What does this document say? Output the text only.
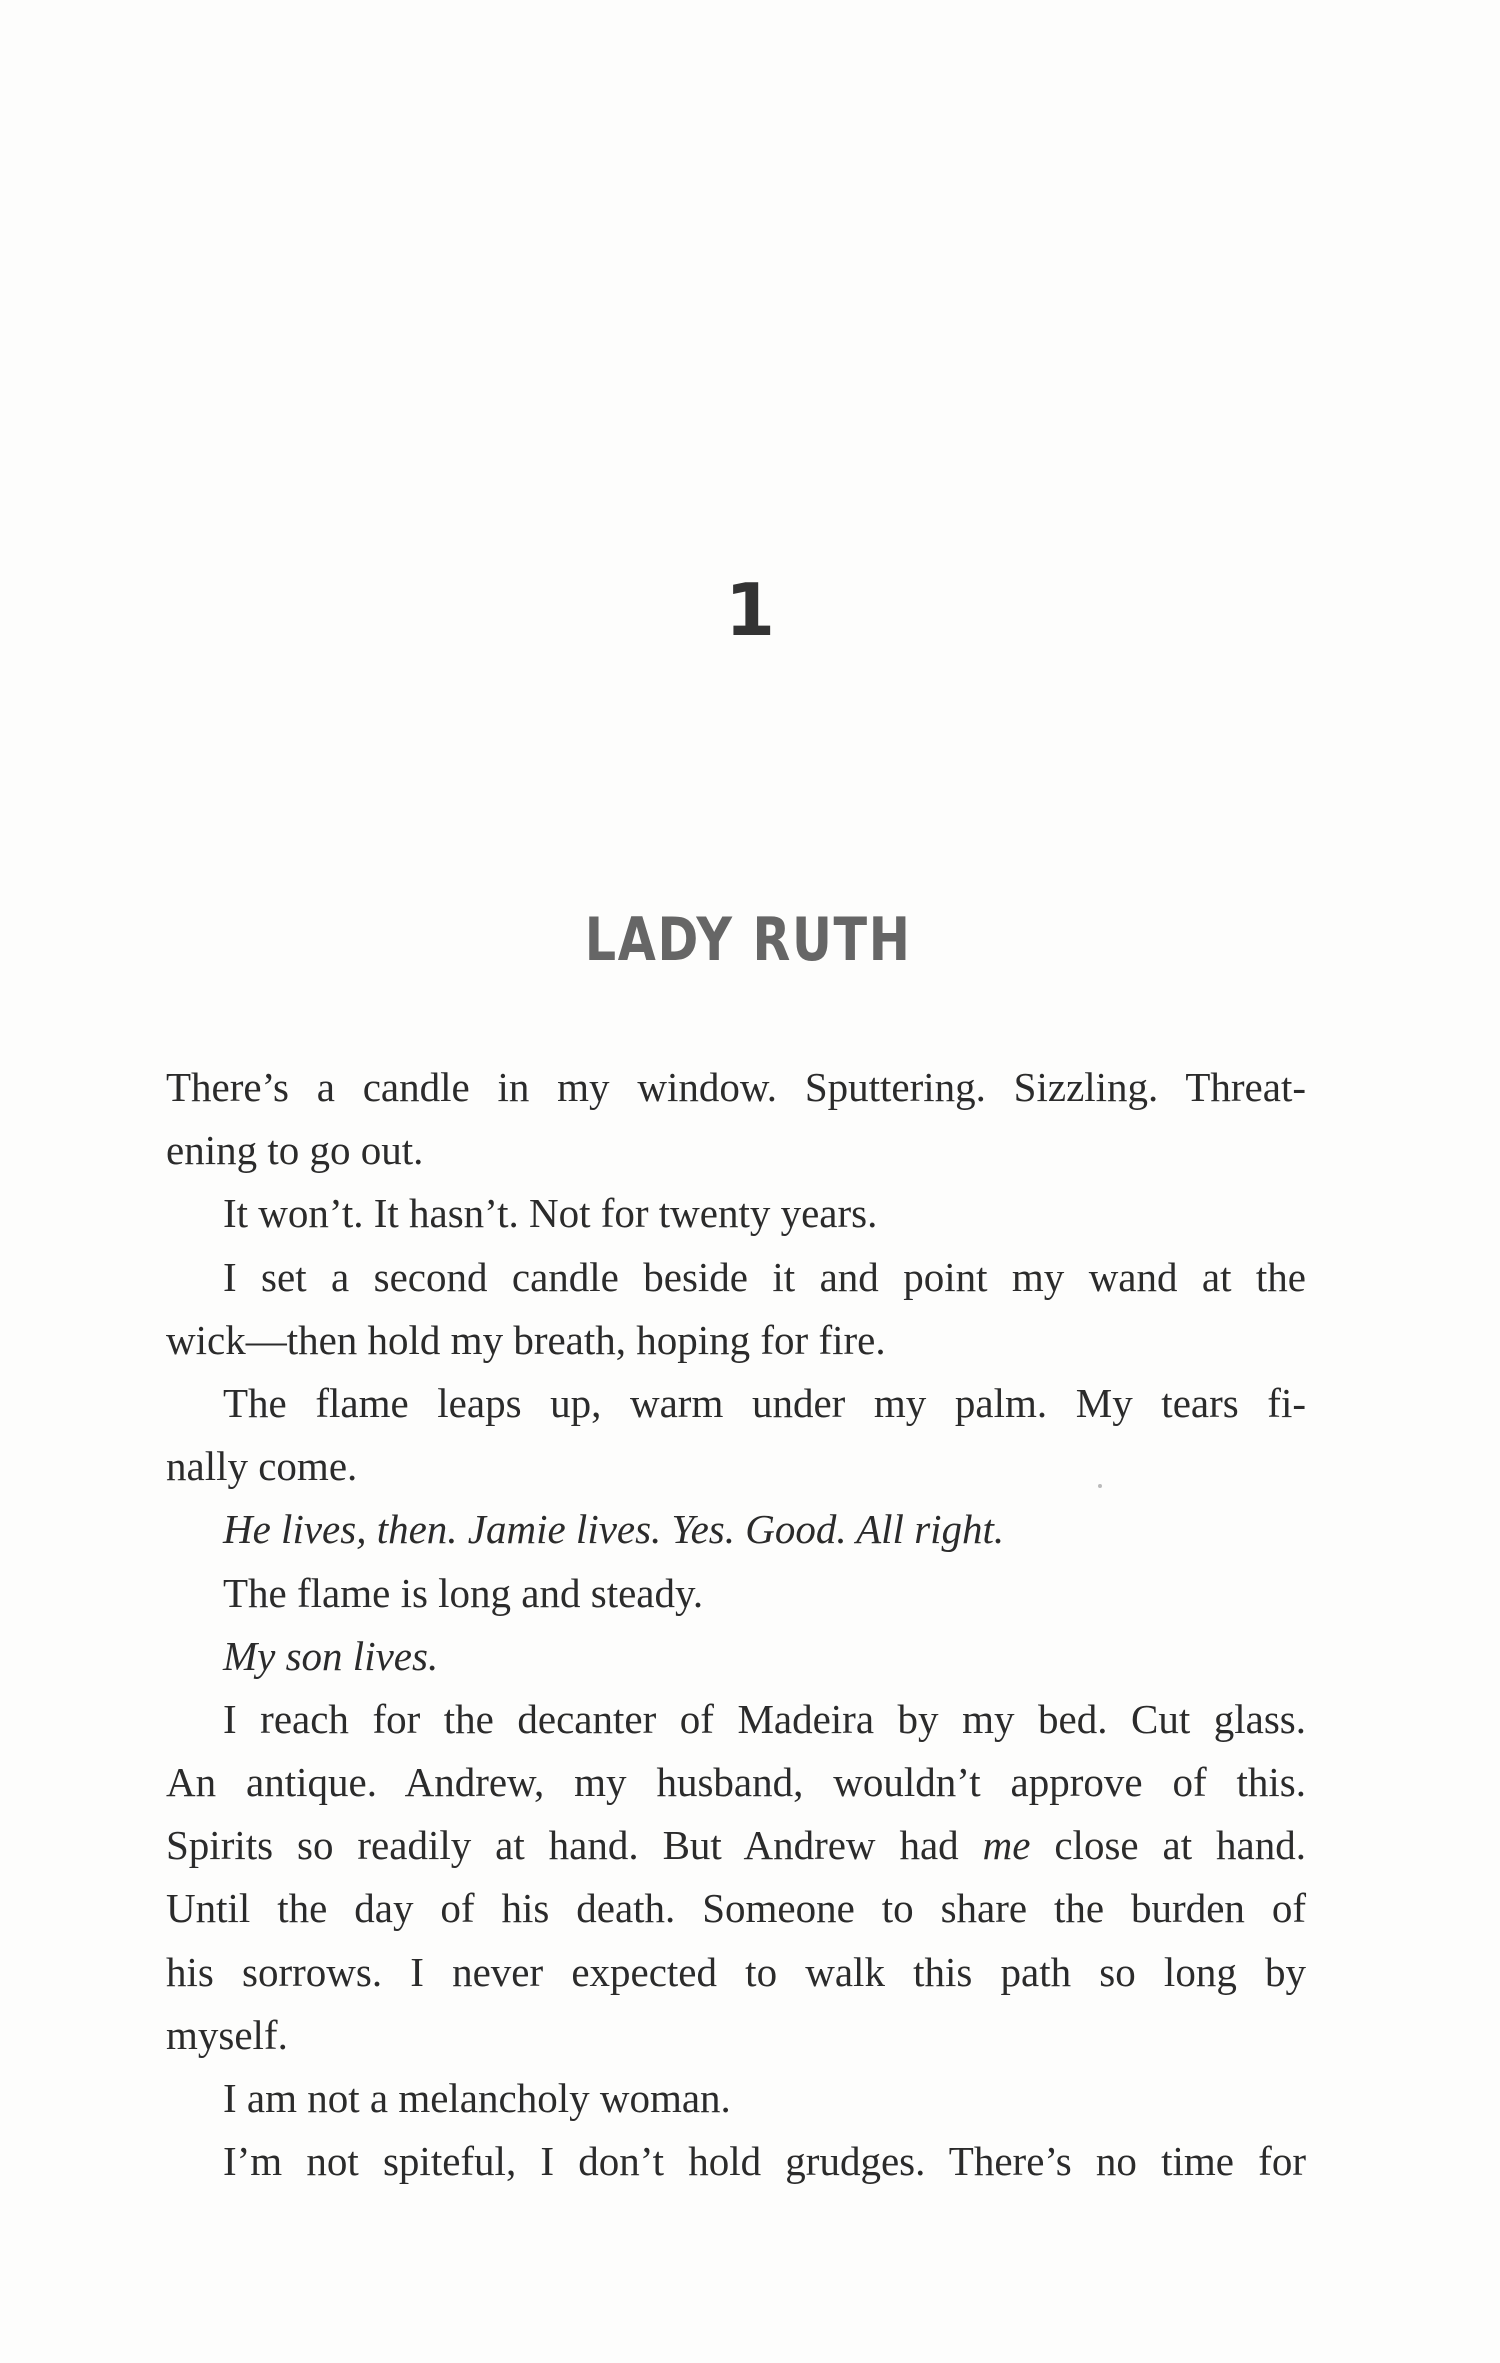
1
LADY RUTH
There’s a candle in my window. Sputtering. Sizzling. Threat-
ening to go out.
It won’t. It hasn’t. Not for twenty years.
I set a second candle beside it and point my wand at the
wick—then hold my breath, hoping for fire.
The flame leaps up, warm under my palm. My tears fi-
nally come.
He lives, then. Jamie lives. Yes. Good. All right.
The flame is long and steady.
My son lives.
I reach for the decanter of Madeira by my bed. Cut glass.
An antique. Andrew, my husband, wouldn’t approve of this.
Spirits so readily at hand. But Andrew had me close at hand.
Until the day of his death. Someone to share the burden of
his sorrows. I never expected to walk this path so long by
myself.
I am not a melancholy woman.
I’m not spiteful, I don’t hold grudges. There’s no time for
